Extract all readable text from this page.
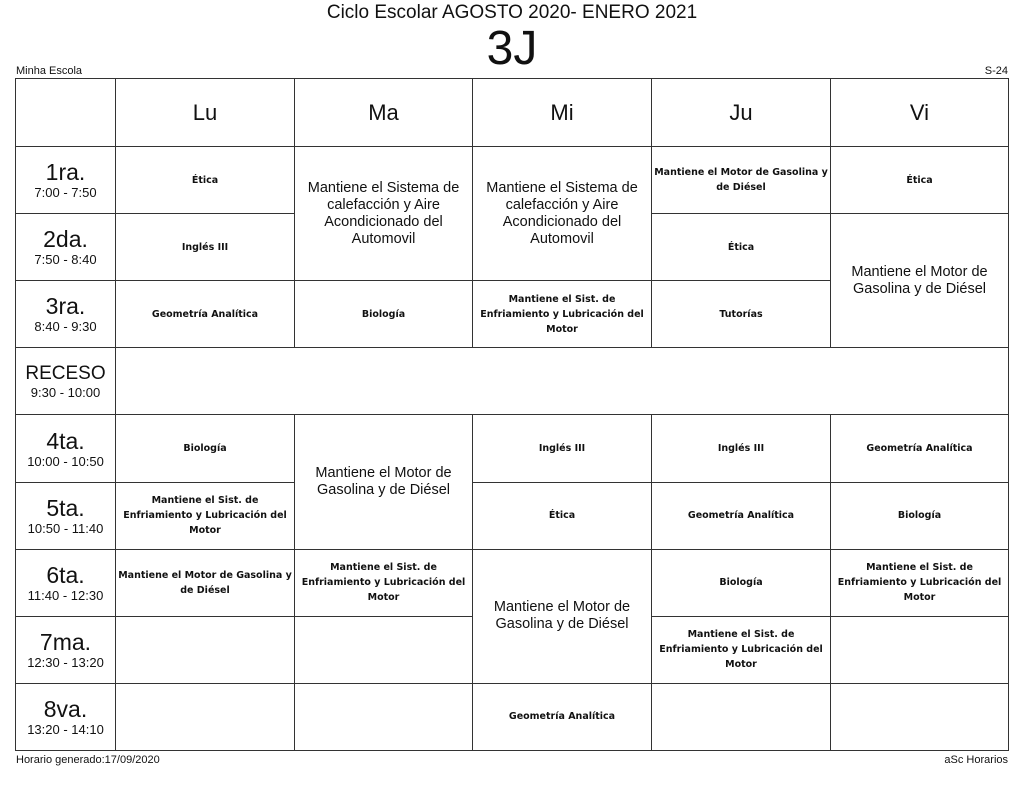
Ciclo Escolar AGOSTO 2020- ENERO 2021
3J
Minha Escola	S-24
	Lu	Ma	Mi	Ju	Vi

1ra.
7:00 - 7:50	Ética	Mantiene el Sistema de calefacción y Aire Acondicionado del Automovil	Mantiene el Sistema de calefacción y Aire Acondicionado del Automovil	Mantiene el Motor de Gasolina y de Diésel	Ética

2da.
7:50 - 8:40	Inglés III			Ética	Mantiene el Motor de Gasolina y de Diésel

3ra.
8:40 - 9:30	Geometría Analítica	Biología	Mantiene el Sist. de Enfriamiento y Lubricación del Motor	Tutorías	

RECESO
9:30 - 10:00					

4ta.
10:00 - 10:50	Biología	Mantiene el Motor de Gasolina y de Diésel	Inglés III	Inglés III	Geometría Analítica

5ta.
10:50 - 11:40	Mantiene el Sist. de Enfriamiento y Lubricación del Motor		Ética	Geometría Analítica	Biología

6ta.
11:40 - 12:30	Mantiene el Motor de Gasolina y de Diésel	Mantiene el Sist. de Enfriamiento y Lubricación del Motor	Mantiene el Motor de Gasolina y de Diésel	Biología	Mantiene el Sist. de Enfriamiento y Lubricación del Motor

7ma.
12:30 - 13:20				Mantiene el Sist. de Enfriamiento y Lubricación del Motor	

8va.
13:20 - 14:10			Geometría Analítica		
Horario generado:17/09/2020	aSc Horarios
